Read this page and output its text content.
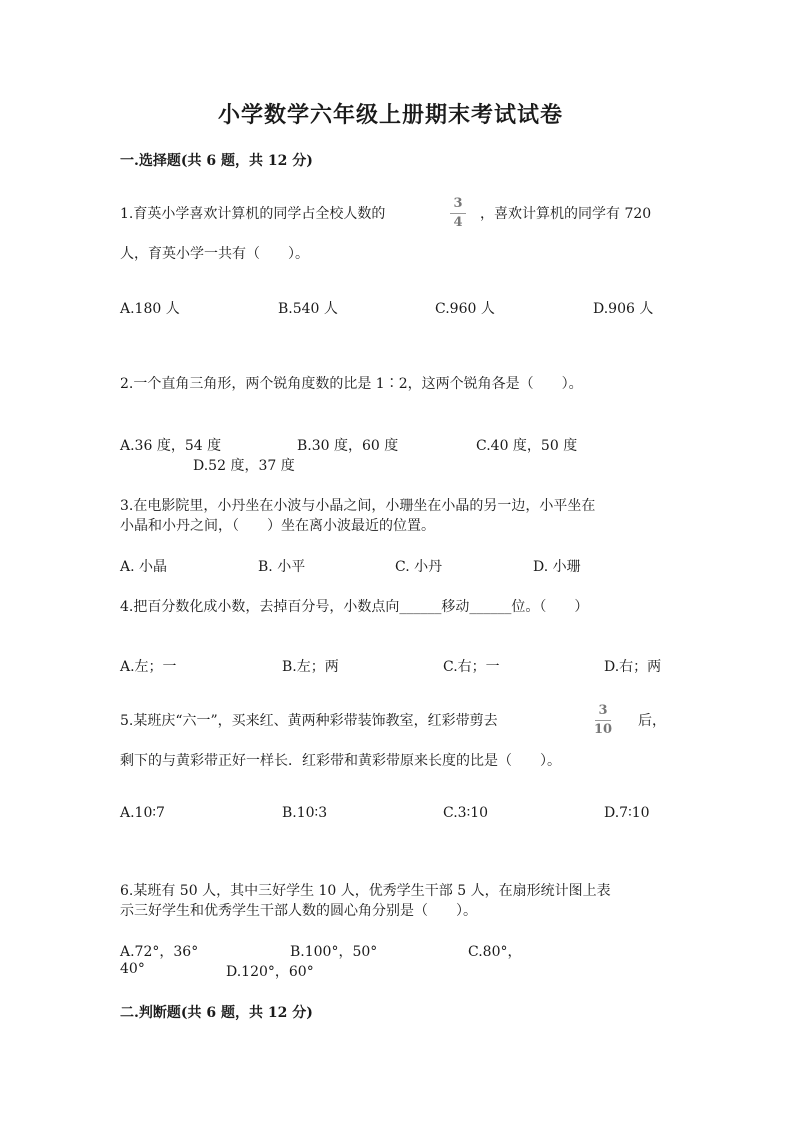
小学数学六年级上册期末考试试卷
一.选择题(共 6 题，共 12 分)
1.育英小学喜欢计算机的同学占全校人数的
3
4
，喜欢计算机的同学有 720
人，育英小学一共有（　　）。
A.180 人	B.540 人	C.960 人	D.906 人
2.一个直角三角形，两个锐角度数的比是 1∶2，这两个锐角各是（　　）。
A.36 度，54 度	B.30 度，60 度	C.40 度，50 度
D.52 度，37 度
3.在电影院里，小丹坐在小波与小晶之间，小珊坐在小晶的另一边，小平坐在
小晶和小丹之间，（　　）坐在离小波最近的位置。
A. 小晶	B. 小平	C. 小丹	D. 小珊
4.把百分数化成小数，去掉百分号，小数点向______移动______位。（　　）
A.左；一	B.左；两	C.右；一	D.右；两
5.某班庆“六一”，买来红、黄两种彩带装饰教室，红彩带剪去
3
10
后，
剩下的与黄彩带正好一样长．红彩带和黄彩带原来长度的比是（　　）。
A.10∶7	B.10∶3	C.3∶10	D.7∶10
6.某班有 50 人，其中三好学生 10 人，优秀学生干部 5 人，在扇形统计图上表
示三好学生和优秀学生干部人数的圆心角分别是（　　）。
A.72°，36°	B.100°，50°	C.80°，
40°	D.120°，60°
二.判断题(共 6 题，共 12 分)
